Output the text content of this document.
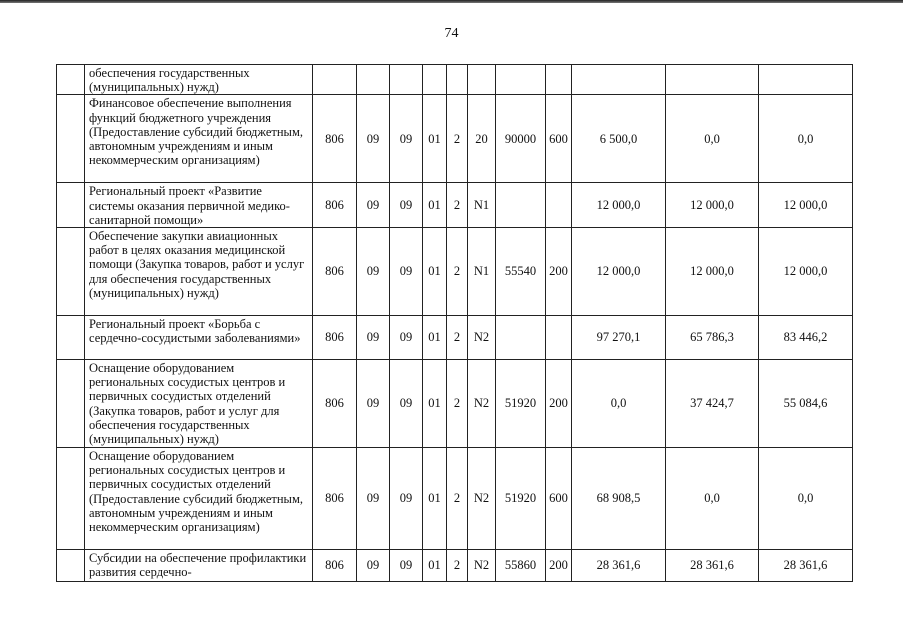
74
	обеспечения государственных (муниципальных) нужд)											
	Финансовое обеспечение выполнения функций бюджетного учреждения (Предоставление субсидий бюджетным, автономным учреждениям и иным некоммерческим организациям)	806	09	09	01	2	20	90000	600	6 500,0	0,0	0,0
	Региональный проект «Развитие системы оказания первичной медико-санитарной помощи»	806	09	09	01	2	N1			12 000,0	12 000,0	12 000,0
	Обеспечение закупки авиационных работ в целях оказания медицинской помощи (Закупка товаров, работ и услуг для обеспечения государственных (муниципальных) нужд)	806	09	09	01	2	N1	55540	200	12 000,0	12 000,0	12 000,0
	Региональный проект «Борьба с сердечно-сосудистыми заболеваниями»	806	09	09	01	2	N2			97 270,1	65 786,3	83 446,2
	Оснащение оборудованием региональных сосудистых центров и первичных сосудистых отделений (Закупка товаров, работ и услуг для обеспечения государственных (муниципальных) нужд)	806	09	09	01	2	N2	51920	200	0,0	37 424,7	55 084,6
	Оснащение оборудованием региональных сосудистых центров и первичных сосудистых отделений (Предоставление субсидий бюджетным, автономным учреждениям и иным некоммерческим организациям)	806	09	09	01	2	N2	51920	600	68 908,5	0,0	0,0
	Субсидии на обеспечение профилактики развития сердечно-	806	09	09	01	2	N2	55860	200	28 361,6	28 361,6	28 361,6
